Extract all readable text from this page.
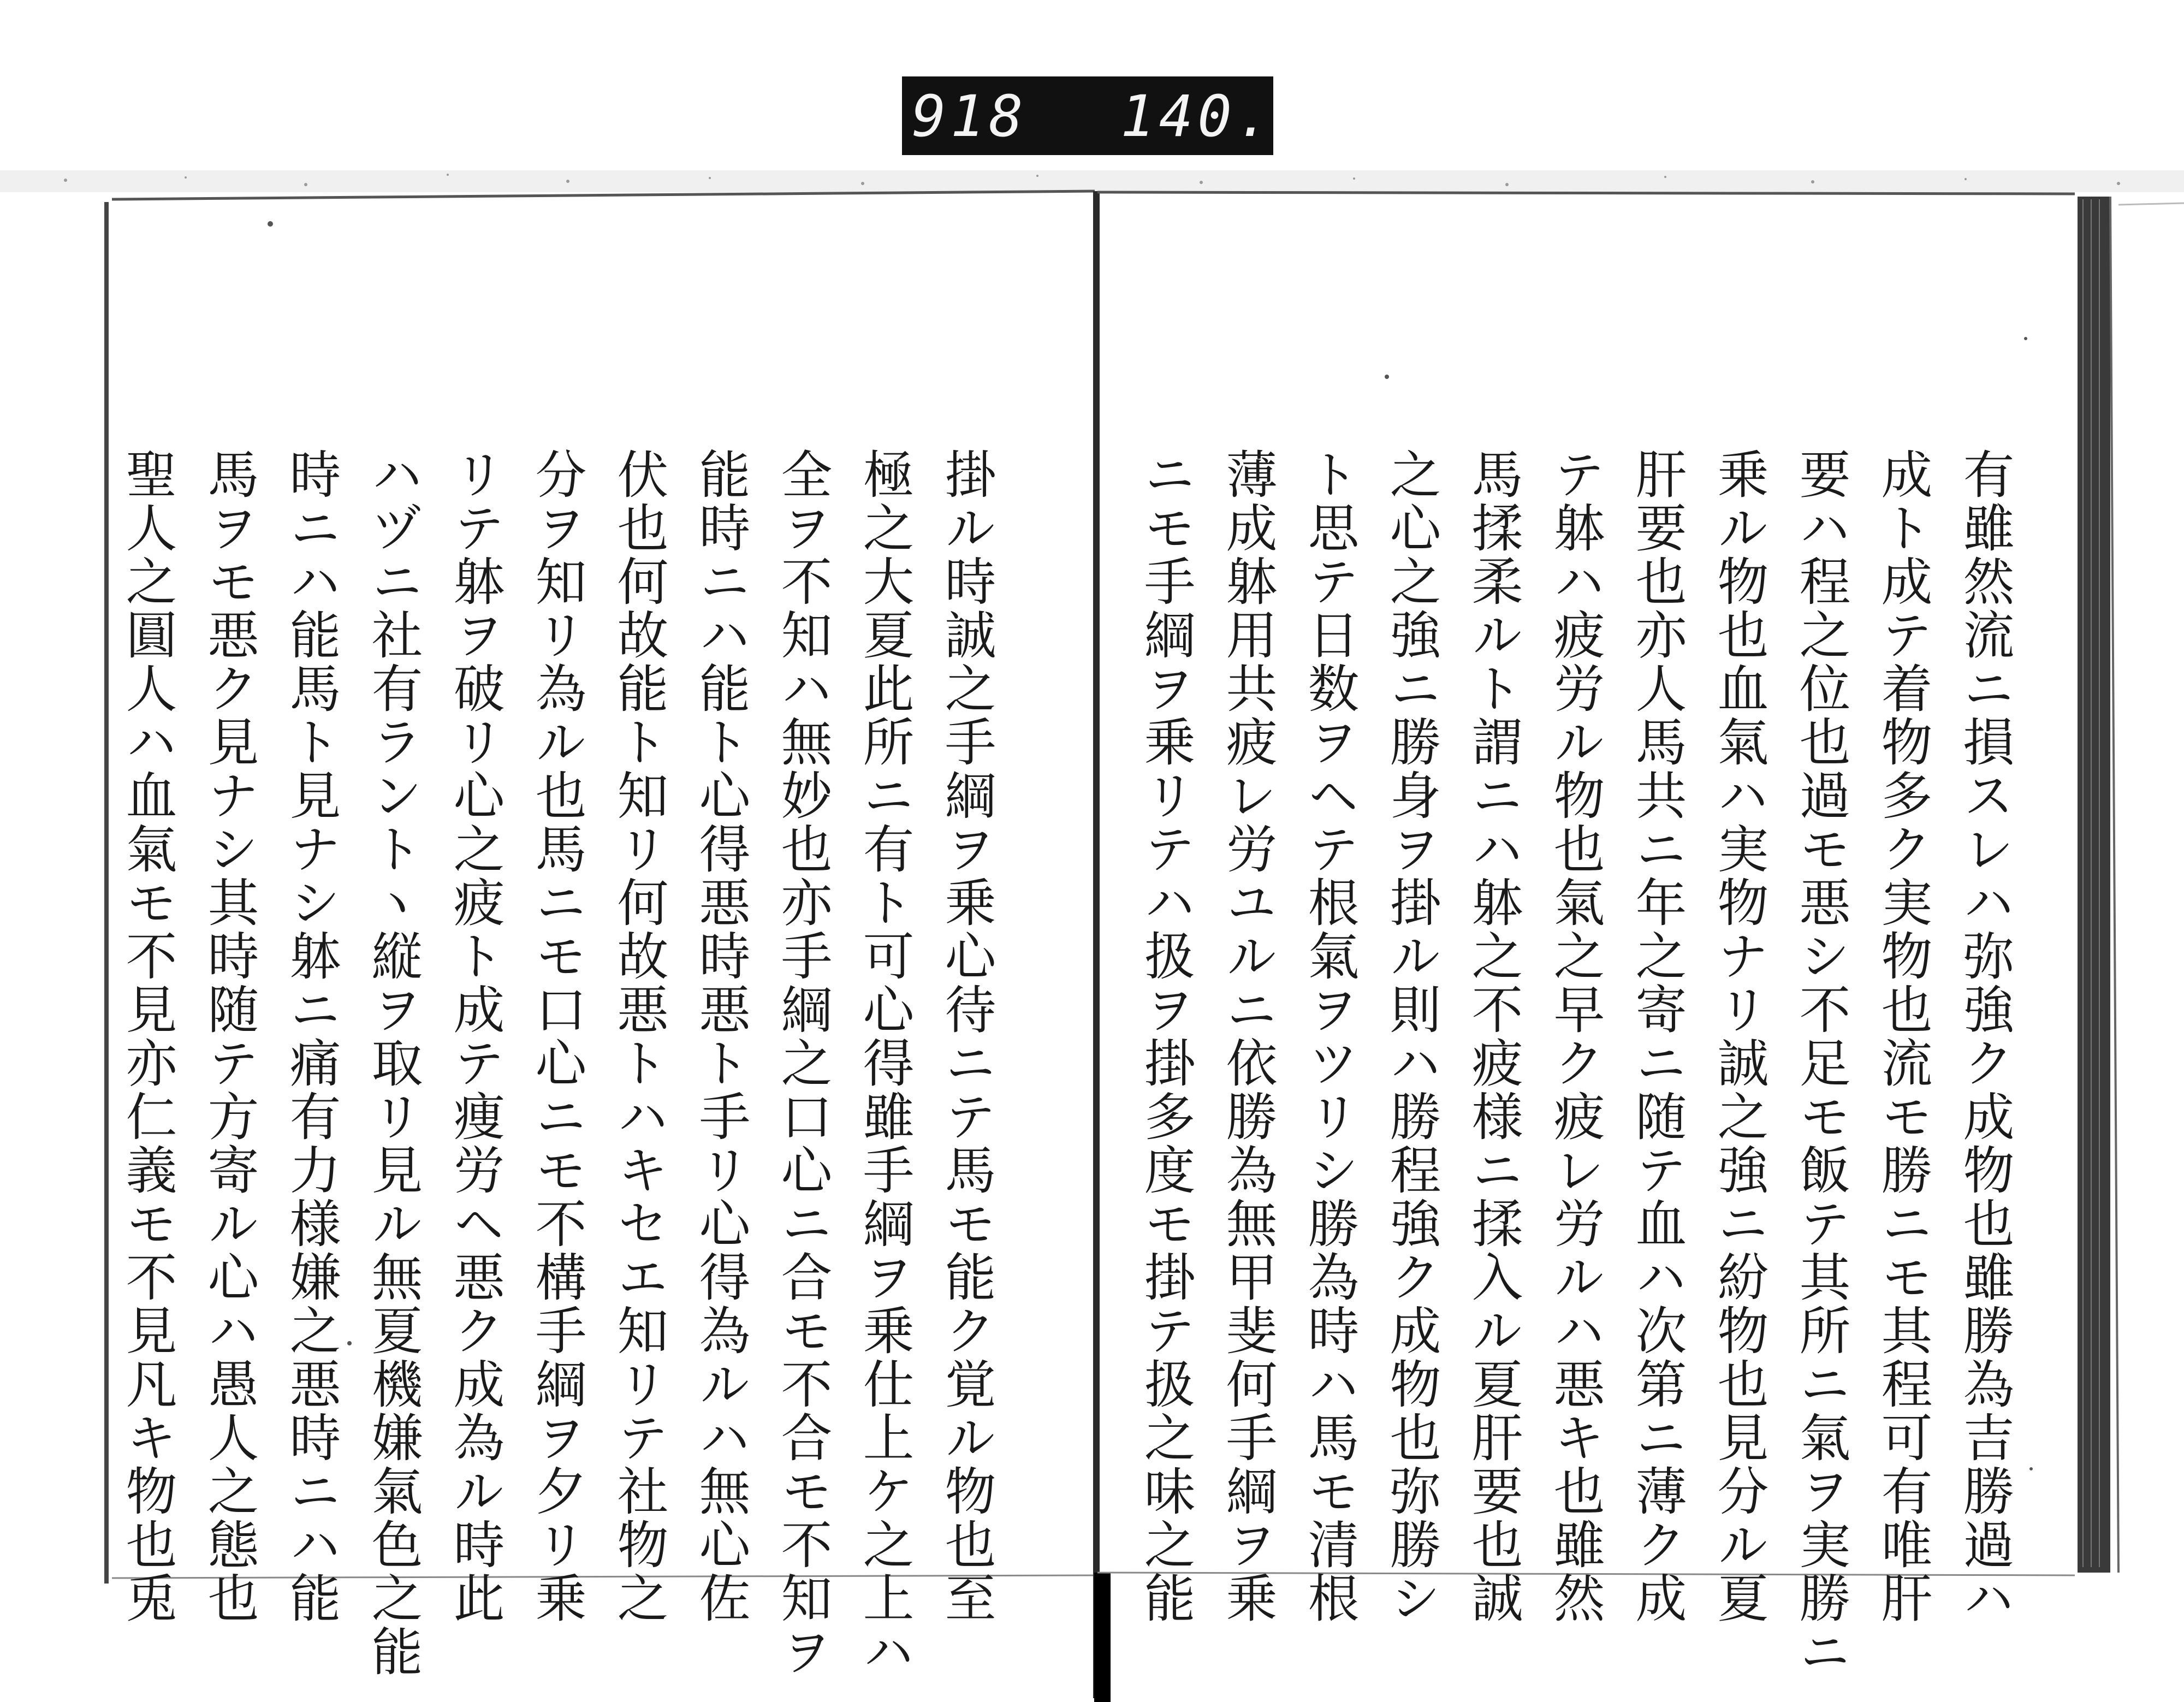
918 140.
掛ル時誠之手綱ヲ乗心待ニテ馬モ能ク覚ル物也至
極之大夏此所ニ有ト可心得雖手綱ヲ乗仕上ケ之上ハ
全ヲ不知ハ無妙也亦手綱之口心ニ合モ不合モ不知ヲ
能時ニハ能ト心得悪時悪ト手リ心得為ルハ無心佐
伏也何故能ト知リ何故悪トハキセエ知リテ社物之
分ヲ知リ為ル也馬ニモ口心ニモ不構手綱ヲ夕リ乗
リテ躰ヲ破リ心之疲ト成テ痩労ヘ悪ク成為ル時此
ハヅニ社有ラントヽ縦ヲ取リ見ル無夏機嫌氣色之能
時ニハ能馬ト見ナシ躰ニ痛有力様嫌之悪時ニハ能
馬ヲモ悪ク見ナシ其時随テ方寄ル心ハ愚人之態也
聖人之圓人ハ血氣モ不見亦仁義モ不見凡キ物也兎	有雖然流ニ損スレハ弥強ク成物也雖勝為吉勝過ハ
成ト成テ着物多ク実物也流モ勝ニモ其程可有唯肝
要ハ程之位也過モ悪シ不足モ飯テ其所ニ氣ヲ実勝ニ
乗ル物也血氣ハ実物ナリ誠之強ニ紛物也見分ル夏
肝要也亦人馬共ニ年之寄ニ随テ血ハ次第ニ薄ク成
テ躰ハ疲労ル物也氣之早ク疲レ労ルハ悪キ也雖然
馬揉柔ルト謂ニハ躰之不疲様ニ揉入ル夏肝要也誠
之心之強ニ勝身ヲ掛ル則ハ勝程強ク成物也弥勝シ
ト思テ日数ヲヘテ根氣ヲツリシ勝為時ハ馬モ清根
薄成躰用共疲レ労ユルニ依勝為無甲斐何手綱ヲ乗
ニモ手綱ヲ乗リテハ扱ヲ掛多度モ掛テ扱之味之能
